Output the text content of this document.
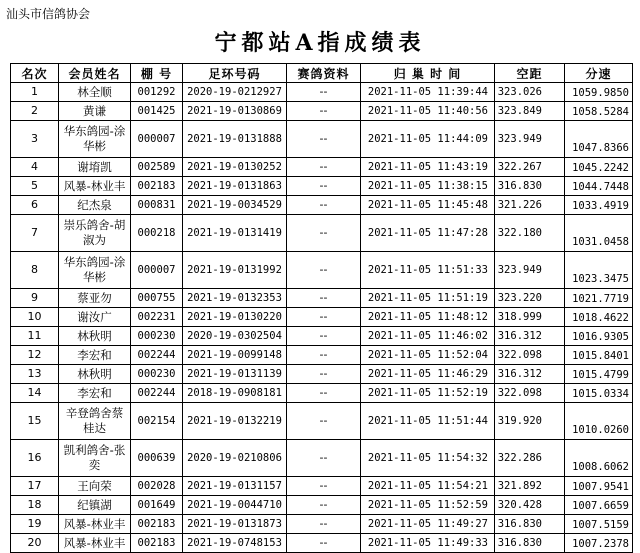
汕头市信鸽协会
宁都站A指成绩表
名次	会员姓名	棚 号	足环号码	赛鸽资料	归 巢 时 间	空距	分速
1	林全顺	001292	2020-19-0212927	--	2021-11-05 11:39:44	323.026	1059.9850
2	黄谦	001425	2021-19-0130869	--	2021-11-05 11:40:56	323.849	1058.5284
3	华东鸽园-涂华彬	000007	2021-19-0131888	--	2021-11-05 11:44:09	323.949	1047.8366
4	谢堉凯	002589	2021-19-0130252	--	2021-11-05 11:43:19	322.267	1045.2242
5	风暴-林业丰	002183	2021-19-0131863	--	2021-11-05 11:38:15	316.830	1044.7448
6	纪杰泉	000831	2021-19-0034529	--	2021-11-05 11:45:48	321.226	1033.4919
7	崇乐鸽舍-胡淑为	000218	2021-19-0131419	--	2021-11-05 11:47:28	322.180	1031.0458
8	华东鸽园-涂华彬	000007	2021-19-0131992	--	2021-11-05 11:51:33	323.949	1023.3475
9	蔡亚勿	000755	2021-19-0132353	--	2021-11-05 11:51:19	323.220	1021.7719
10	谢汝广	002231	2021-19-0130220	--	2021-11-05 11:48:12	318.999	1018.4622
11	林秋明	000230	2020-19-0302504	--	2021-11-05 11:46:02	316.312	1016.9305
12	李宏和	002244	2021-19-0099148	--	2021-11-05 11:52:04	322.098	1015.8401
13	林秋明	000230	2021-19-0131139	--	2021-11-05 11:46:29	316.312	1015.4799
14	李宏和	002244	2018-19-0908181	--	2021-11-05 11:52:19	322.098	1015.0334
15	辛登鸽舍蔡桂达	002154	2021-19-0132219	--	2021-11-05 11:51:44	319.920	1010.0260
16	凯利鸽舍-张奕	000639	2020-19-0210806	--	2021-11-05 11:54:32	322.286	1008.6062
17	王向荣	002028	2021-19-0131157	--	2021-11-05 11:54:21	321.892	1007.9541
18	纪镇湖	001649	2021-19-0044710	--	2021-11-05 11:52:59	320.428	1007.6659
19	风暴-林业丰	002183	2021-19-0131873	--	2021-11-05 11:49:27	316.830	1007.5159
20	风暴-林业丰	002183	2021-19-0748153	--	2021-11-05 11:49:33	316.830	1007.2378
